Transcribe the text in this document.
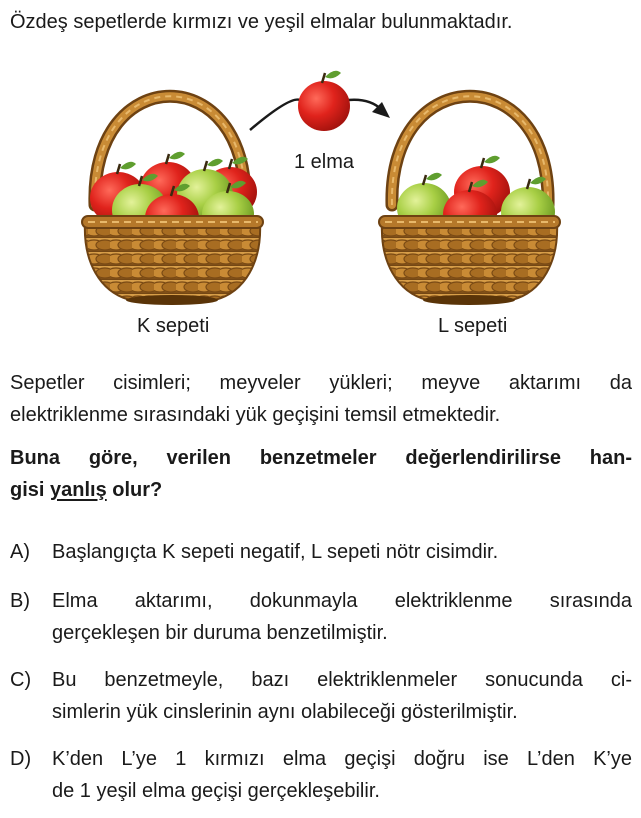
Özdeş sepetlerde kırmızı ve yeşil elmalar bulunmaktadır.
1 elma
K sepeti	L sepeti
Sepetler cisimleri; meyveler yükleri; meyve aktarımı da
elektriklenme sırasındaki yük geçişini temsil etmektedir.
Buna göre, verilen benzetmeler değerlendirilirse han-
gisi yanlış olur?
A) Başlangıçta K sepeti negatif, L sepeti nötr cisimdir.
B) Elma aktarımı, dokunmayla elektriklenme sırasında
gerçekleşen bir duruma benzetilmiştir.
C) Bu benzetmeyle, bazı elektriklenmeler sonucunda ci-
simlerin yük cinslerinin aynı olabileceği gösterilmiştir.
D) K’den L’ye 1 kırmızı elma geçişi doğru ise L’den K’ye
de 1 yeşil elma geçişi gerçekleşebilir.
